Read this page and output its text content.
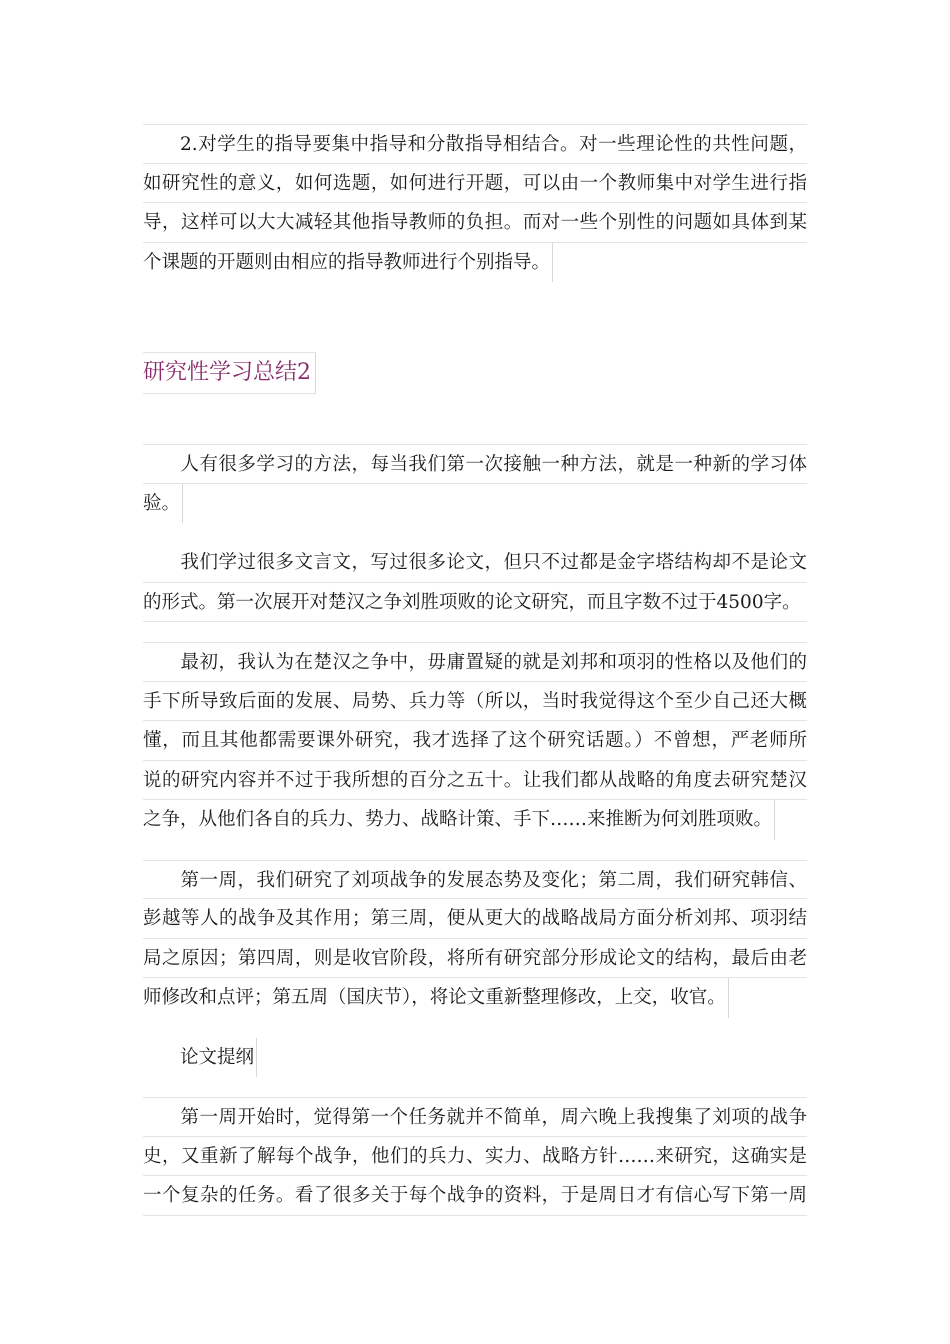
2.对学生的指导要集中指导和分散指导相结合。对一些理论性的共性问题，
如研究性的意义，如何选题，如何进行开题，可以由一个教师集中对学生进行指
导，这样可以大大减轻其他指导教师的负担。而对一些个别性的问题如具体到某
个课题的开题则由相应的指导教师进行个别指导。
研究性学习总结2
人有很多学习的方法，每当我们第一次接触一种方法，就是一种新的学习体
验。
我们学过很多文言文，写过很多论文，但只不过都是金字塔结构却不是论文
的形式。第一次展开对楚汉之争刘胜项败的论文研究，而且字数不过于4500字。
最初，我认为在楚汉之争中，毋庸置疑的就是刘邦和项羽的性格以及他们的
手下所导致后面的发展、局势、兵力等（所以，当时我觉得这个至少自己还大概
懂，而且其他都需要课外研究，我才选择了这个研究话题。）不曾想，严老师所
说的研究内容并不过于我所想的百分之五十。让我们都从战略的角度去研究楚汉
之争，从他们各自的兵力、势力、战略计策、手下……来推断为何刘胜项败。
第一周，我们研究了刘项战争的发展态势及变化；第二周，我们研究韩信、
彭越等人的战争及其作用；第三周，便从更大的战略战局方面分析刘邦、项羽结
局之原因；第四周，则是收官阶段，将所有研究部分形成论文的结构，最后由老
师修改和点评；第五周（国庆节），将论文重新整理修改，上交，收官。
论文提纲
第一周开始时，觉得第一个任务就并不简单，周六晚上我搜集了刘项的战争
史，又重新了解每个战争，他们的兵力、实力、战略方针……来研究，这确实是
一个复杂的任务。看了很多关于每个战争的资料，于是周日才有信心写下第一周
